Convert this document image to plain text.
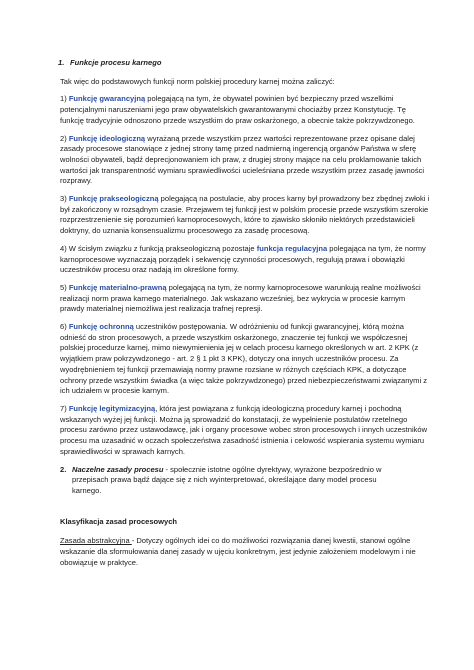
1. Funkcje procesu karnego

Tak więc do podstawowych funkcji norm polskiej procedury karnej można zaliczyć:

1) Funkcję gwarancyjną polegającą na tym, że obywatel powinien być bezpieczny przed wszelkimi potencjalnymi naruszeniami jego praw obywatelskich gwarantowanymi chociażby przez Konstytucję. Tę funkcję tradycyjnie odnoszono przede wszystkim do praw oskarżonego, a obecnie także pokrzywdzonego.

2) Funkcję ideologiczną wyrażaną przede wszystkim przez wartości reprezentowane przez opisane dalej zasady procesowe stanowiące z jednej strony tamę przed nadmierną ingerencją organów Państwa w sferę wolności obywateli, bądź deprecjonowaniem ich praw, z drugiej strony mające na celu proklamowanie takich wartości jak transparentność wymiaru sprawiedliwości ucieleśniana przede wszystkim przez zasadę jawności rozprawy.

3) Funkcję prakseologiczną polegającą na postulacie, aby proces karny był prowadzony bez zbędnej zwłoki i był zakończony w rozsądnym czasie. Przejawem tej funkcji jest w polskim procesie przede wszystkim szerokie rozprzestrzenienie się porozumień karnoprocesowych, które to zjawisko skłoniło niektórych przedstawicieli doktryny, do uznania konsensualizmu procesowego za zasadę procesową.

4) W ścisłym związku z funkcją prakseologiczną pozostaje funkcja regulacyjna polegająca na tym, że normy karnoprocesowe wyznaczają porządek i sekwencję czynności procesowych, regulują prawa i obowiązki uczestników procesu oraz nadają im określone formy.

5) Funkcję materialno-prawną polegającą na tym, że normy karnoprocesowe warunkują realne możliwości realizacji norm prawa karnego materialnego. Jak wskazano wcześniej, bez wykrycia w procesie karnym prawdy materialnej niemożliwa jest realizacja trafnej represji.

6) Funkcję ochronną uczestników postępowania. W odróżnieniu od funkcji gwarancyjnej, którą można odnieść do stron procesowych, a przede wszystkim oskarżonego, znaczenie tej funkcji we współczesnej polskiej procedurze karnej, mimo niewymienienia jej w celach procesu karnego określonych w art. 2 KPK (z wyjątkiem praw pokrzywdzonego - art. 2 § 1 pkt 3 KPK), dotyczy ona innych uczestników procesu. Za wyodrębnieniem tej funkcji przemawiają normy prawne rozsiane w różnych częściach KPK, a dotyczące ochrony przede wszystkim świadka (a więc także pokrzywdzonego) przed niebezpieczeństwami związanymi z ich udziałem w procesie karnym.

7) Funkcję legitymizacyjną, która jest powiązana z funkcją ideologiczną procedury karnej i pochodną wskazanych wyżej jej funkcji. Można ją sprowadzić do konstatacji, że wypełnienie postulatów rzetelnego procesu zarówno przez ustawodawcę, jak i organy procesowe wobec stron procesowych i innych uczestników procesu ma uzasadnić w oczach społeczeństwa zasadność istnienia i celowość wspierania systemu wymiaru sprawiedliwości w sprawach karnych.

2. Naczelne zasady procesu - społecznie istotne ogólne dyrektywy, wyrażone bezpośrednio w przepisach prawa bądź dające się z nich wyinterpretować, określające dany model procesu karnego.
Klasyfikacja zasad procesowych

Zasada abstrakcyjna - Dotyczy ogólnych idei co do możliwości rozwiązania danej kwestii, stanowi ogólne wskazanie dla sformułowania danej zasady w ujęciu konkretnym, jest jedynie założeniem modelowym i nie obowiązuje w praktyce.
